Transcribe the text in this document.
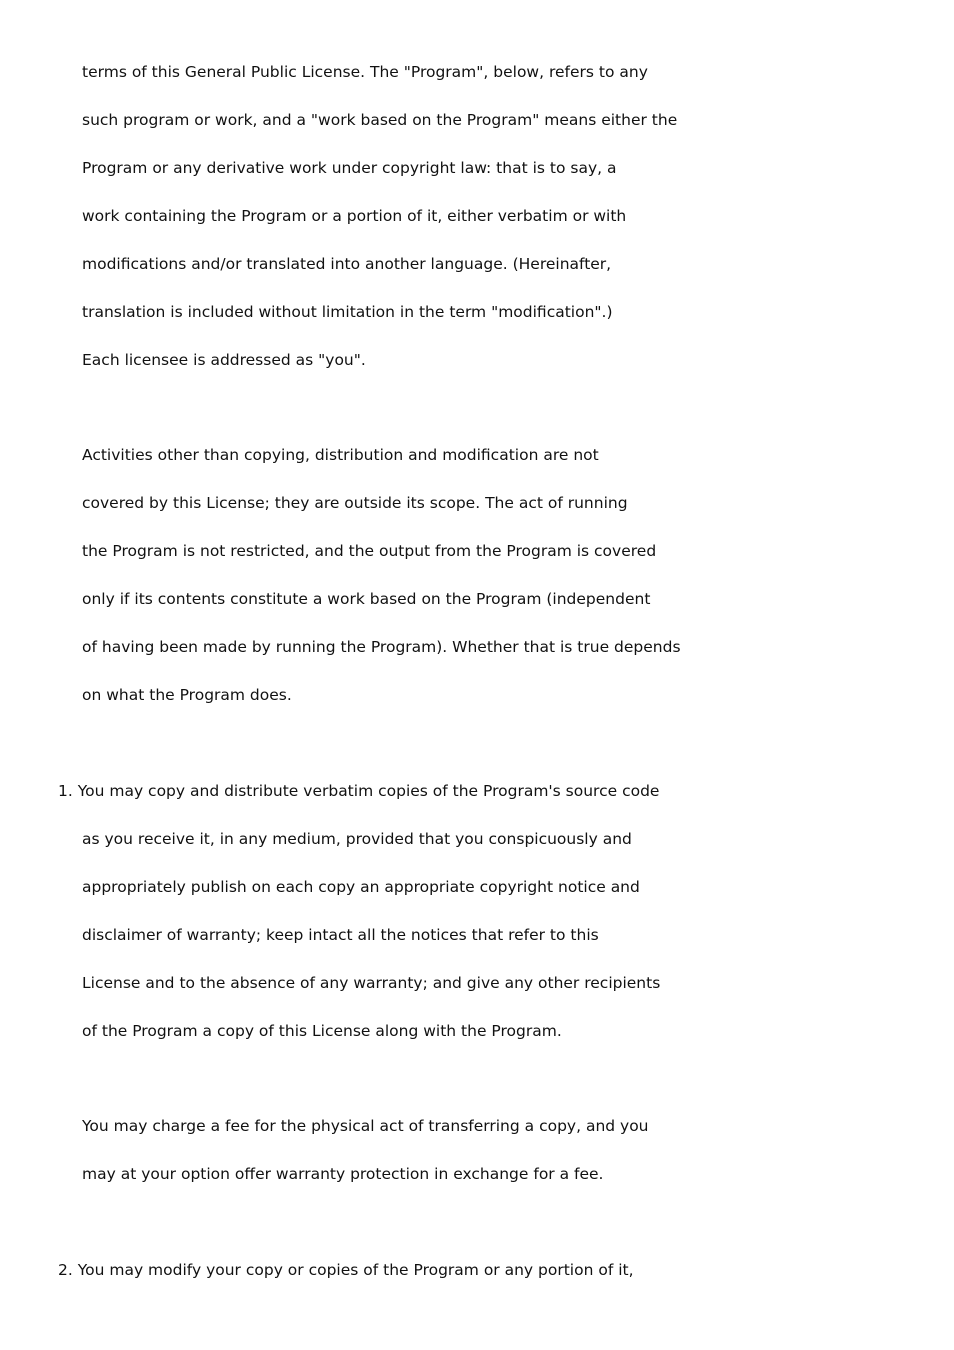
terms of this General Public License. The "Program", below, refers to any
such program or work, and a "work based on the Program" means either the
Program or any derivative work under copyright law: that is to say, a
work containing the Program or a portion of it, either verbatim or with
modifications and/or translated into another language. (Hereinafter,
translation is included without limitation in the term "modification".)
Each licensee is addressed as "you".
Activities other than copying, distribution and modification are not
covered by this License; they are outside its scope. The act of running
the Program is not restricted, and the output from the Program is covered
only if its contents constitute a work based on the Program (independent
of having been made by running the Program). Whether that is true depends
on what the Program does.
1. You may copy and distribute verbatim copies of the Program's source code
as you receive it, in any medium, provided that you conspicuously and
appropriately publish on each copy an appropriate copyright notice and
disclaimer of warranty; keep intact all the notices that refer to this
License and to the absence of any warranty; and give any other recipients
of the Program a copy of this License along with the Program.
You may charge a fee for the physical act of transferring a copy, and you
may at your option offer warranty protection in exchange for a fee.
2. You may modify your copy or copies of the Program or any portion of it,
